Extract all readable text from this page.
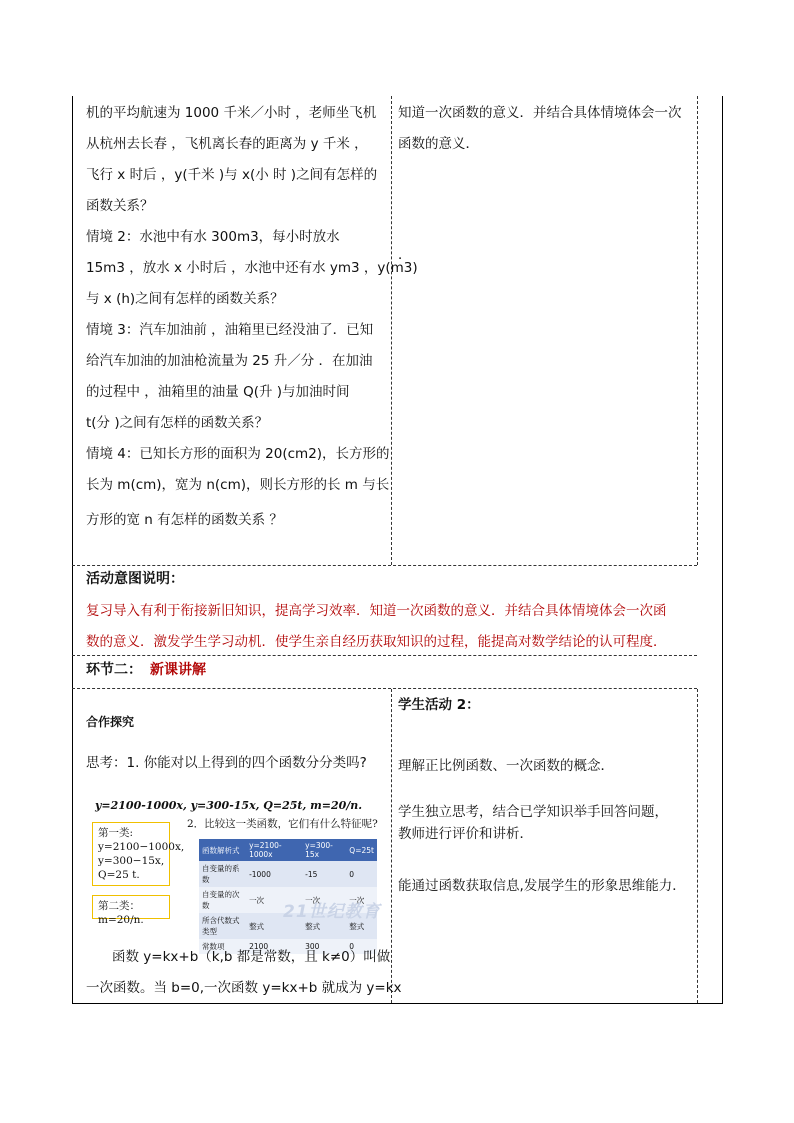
机的平均航速为 1000 千米／小时 ，老师坐飞机
从杭州去长春 ，飞机离长春的距离为 y 千米 ，
飞行 x 时后 ，y(千米 )与 x(小 时 )之间有怎样的
函数关系？
情境 2：水池中有水 300m3，每小时放水
15m3 ，放水 x 小时后 ，水池中还有水 ym3 ，y(m3)
与 x (h)之间有怎样的函数关系？
情境 3：汽车加油前 ，油箱里已经没油了．已知
给汽车加油的加油枪流量为 25 升／分 ．在加油
的过程中 ，油箱里的油量 Q(升 )与加油时间
t(分 )之间有怎样的函数关系？
情境 4：已知长方形的面积为 20(cm2)，长方形的
长为 m(cm)，宽为 n(cm)，则长方形的长 m 与长
方形的宽 n 有怎样的函数关系 ？
知道一次函数的意义．并结合具体情境体会一次
函数的意义．
．
活动意图说明：
复习导入有利于衔接新旧知识，提高学习效率．知道一次函数的意义．并结合具体情境体会一次函
数的意义．激发学生学习动机．使学生亲自经历获取知识的过程，能提高对数学结论的认可程度．
环节二： 新课讲解
合作探究
思考：1. 你能对以上得到的四个函数分分类吗?
y=2100-1000x, y=300-15x, Q=25t, m=20/n.
第一类:
y=2100−1000x,
y=300−15x,
Q=25 t.
第二类：m=20/n.
2．比较这一类函数，它们有什么特征呢?
函数解析式	y=2100-1000x	y=300-15x	Q=25t
自变量的系数	-1000	-15	0
自变量的次数	一次	一次	一次
所含代数式类型	整式	整式	整式
常数项	2100	300	0
21世纪教育
函数 y=kx+b（k,b 都是常数，且 k≠0）叫做
一次函数。当 b=0,一次函数 y=kx+b 就成为 y=kx
学生活动 2：
理解正比例函数、一次函数的概念．
学生独立思考，结合已学知识举手回答问题，
教师进行评价和讲析．
能通过函数获取信息,发展学生的形象思维能力．
